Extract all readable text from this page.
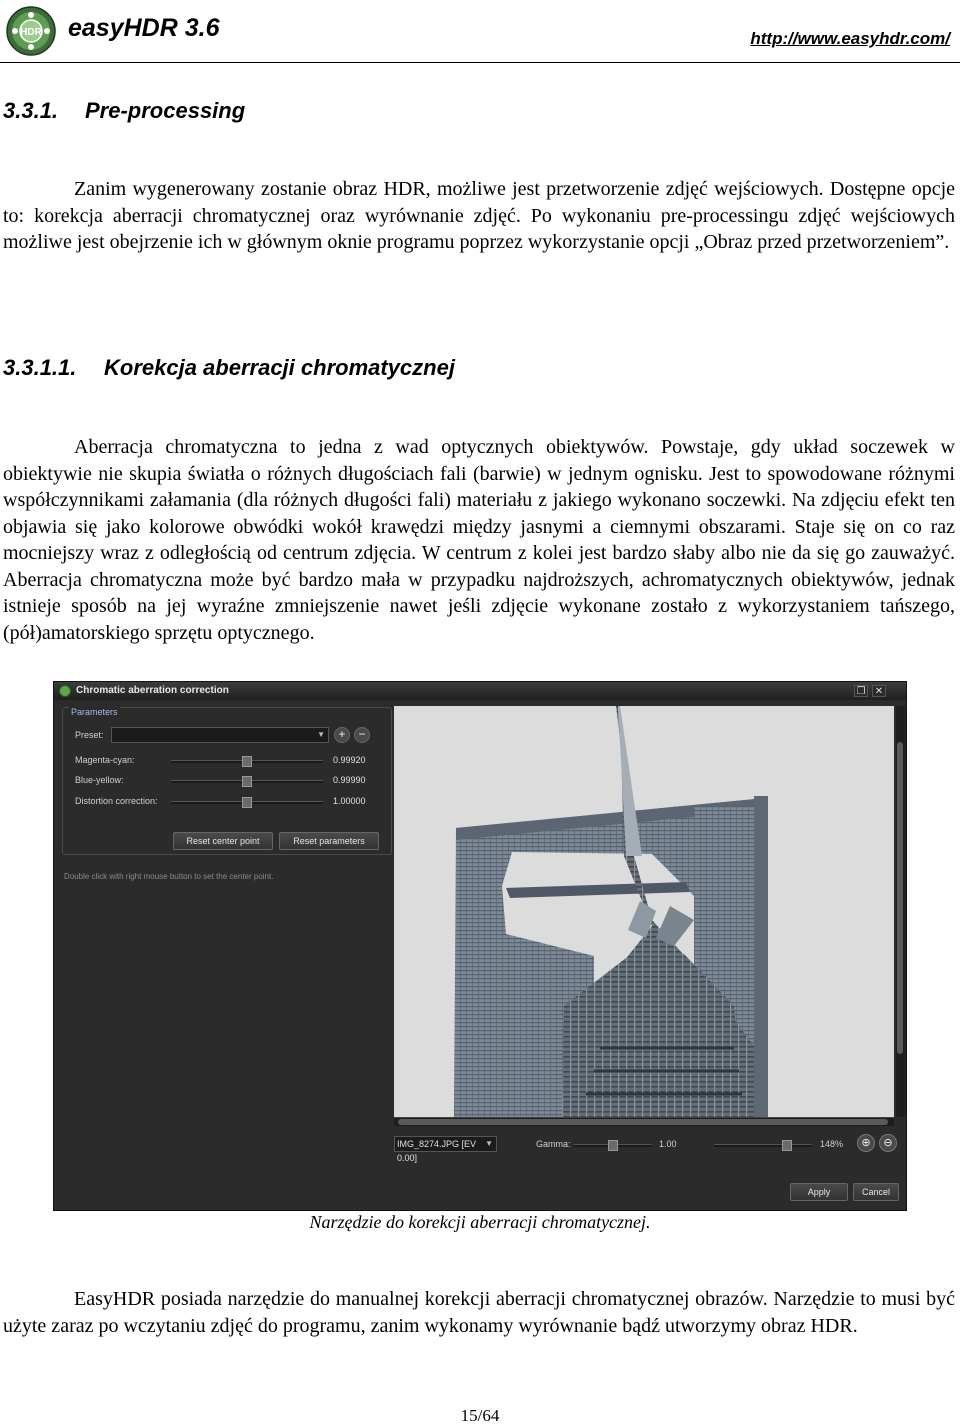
HDR easyHDR 3.6	http://www.easyhdr.com/
3.3.1. Pre-processing

Zanim wygenerowany zostanie obraz HDR, możliwe jest przetworzenie zdjęć wejściowych. Dostępne opcje to: korekcja aberracji chromatycznej oraz wyrównanie zdjęć. Po wykonaniu pre-processingu zdjęć wejściowych możliwe jest obejrzenie ich w głównym oknie programu poprzez wykorzystanie opcji „Obraz przed przetworzeniem”.

3.3.1.1. Korekcja aberracji chromatycznej

Aberracja chromatyczna to jedna z wad optycznych obiektywów. Powstaje, gdy układ soczewek w obiektywie nie skupia światła o różnych długościach fali (barwie) w jednym ognisku. Jest to spowodowane różnymi współczynnikami załamania (dla różnych długości fali) materiału z jakiego wykonano soczewki. Na zdjęciu efekt ten objawia się jako kolorowe obwódki wokół krawędzi między jasnymi a ciemnymi obszarami. Staje się on co raz mocniejszy wraz z odległością od centrum zdjęcia. W centrum z kolei jest bardzo słaby albo nie da się go zauważyć. Aberracja chromatyczna może być bardzo mała w przypadku najdroższych, achromatycznych obiektywów, jednak istnieje sposób na jej wyraźne zmniejszenie nawet jeśli zdjęcie wykonane zostało z wykorzystaniem tańszego, (pół)amatorskiego sprzętu optycznego.

Chromatic aberration correction	❐ ✕
Parameters
Preset:	▼	+	−
Magenta-cyan:	0.99920
Blue-yellow:	0.99990
Distortion correction:	1.00000
Reset center point	Reset parameters
Double click with right mouse button to set the center point.
IMG_8274.JPG [EV 0.00]
▼	Gamma:	1.00	148%	⊕	⊖
Apply	Cancel
Narzędzie do korekcji aberracji chromatycznej.

EasyHDR posiada narzędzie do manualnej korekcji aberracji chromatycznej obrazów. Narzędzie to musi być użyte zaraz po wczytaniu zdjęć do programu, zanim wykonamy wyrównanie bądź utworzymy obraz HDR.

15/64
